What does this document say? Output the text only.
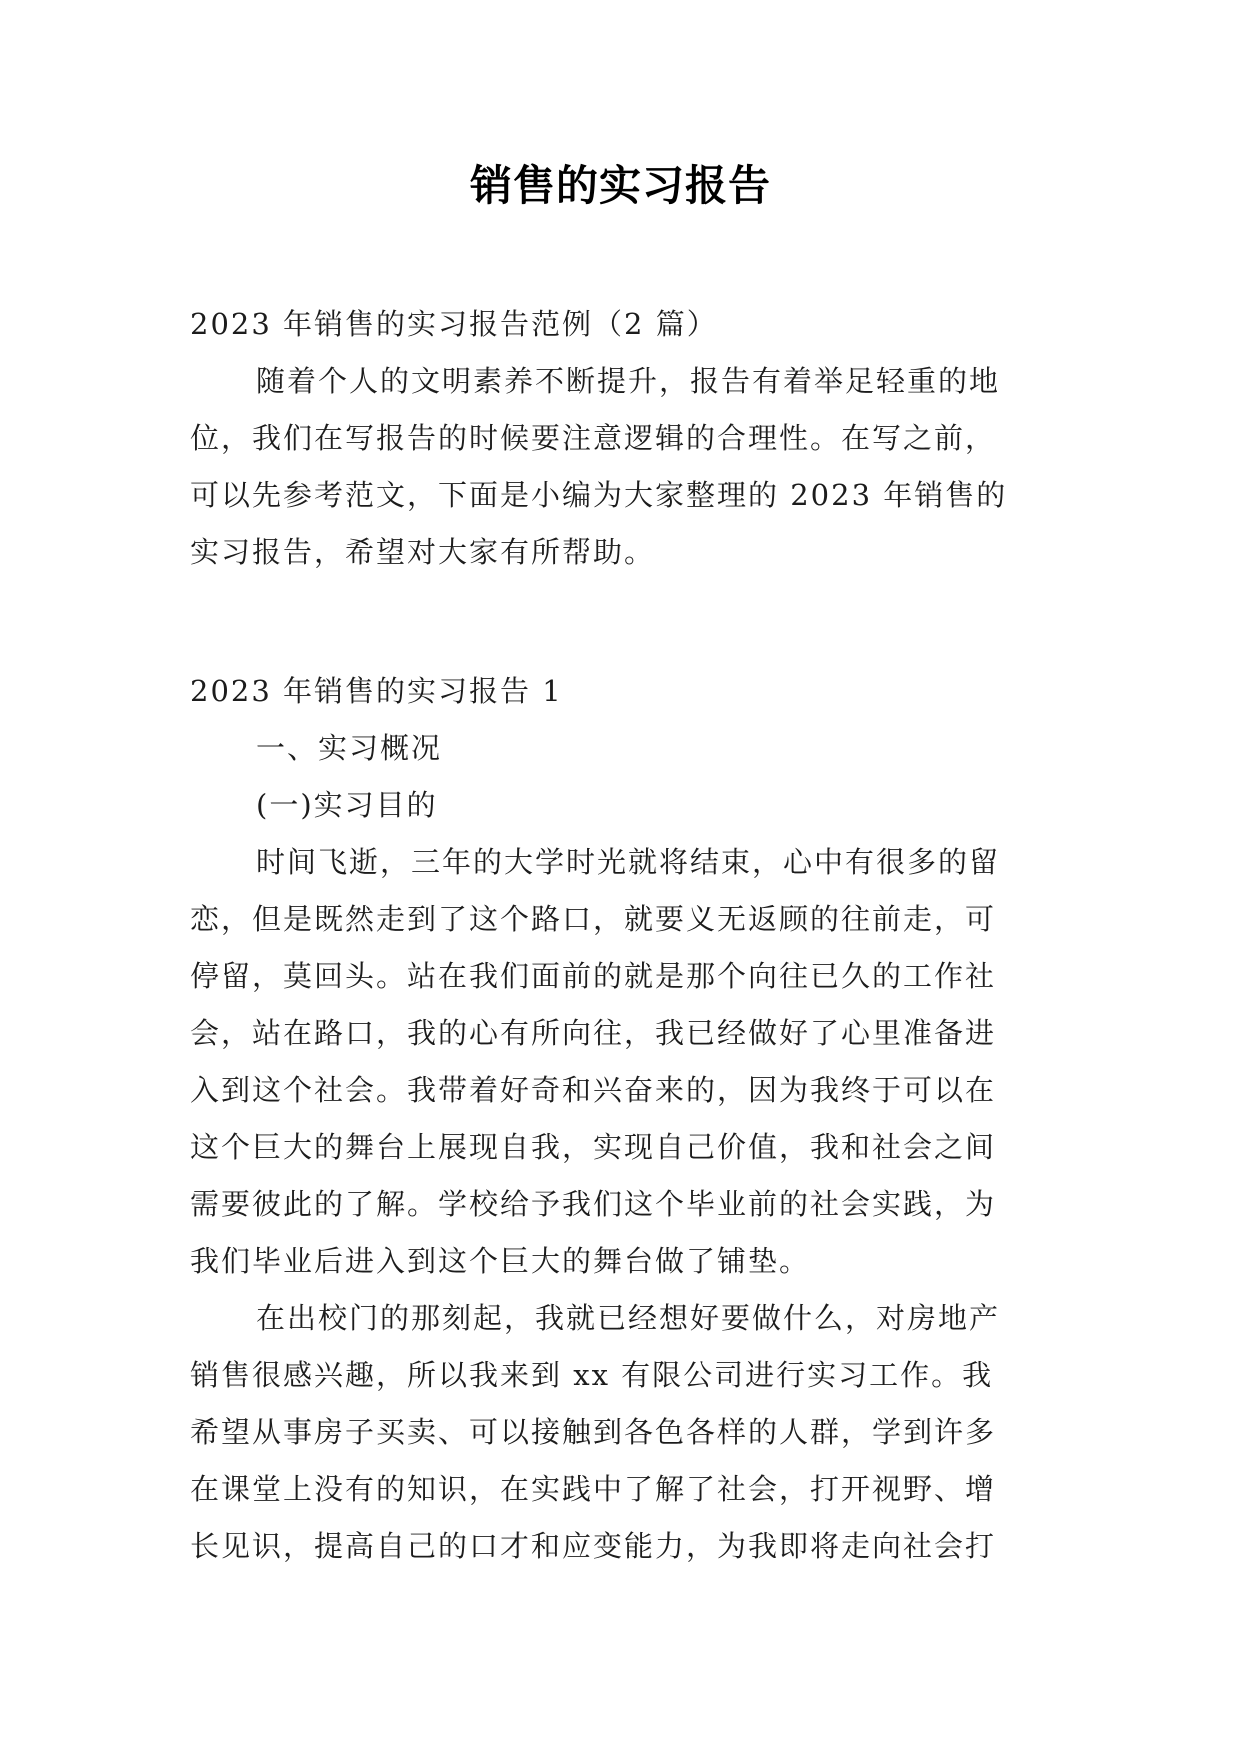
销售的实习报告
2023 年销售的实习报告范例（2 篇）
随着个人的文明素养不断提升，报告有着举足轻重的地
位，我们在写报告的时候要注意逻辑的合理性。在写之前，
可以先参考范文，下面是小编为大家整理的 2023 年销售的
实习报告，希望对大家有所帮助。
2023 年销售的实习报告 1
一、实习概况
(一)实习目的
时间飞逝，三年的大学时光就将结束，心中有很多的留
恋，但是既然走到了这个路口，就要义无返顾的往前走，可
停留，莫回头。站在我们面前的就是那个向往已久的工作社
会，站在路口，我的心有所向往，我已经做好了心里准备进
入到这个社会。我带着好奇和兴奋来的，因为我终于可以在
这个巨大的舞台上展现自我，实现自己价值，我和社会之间
需要彼此的了解。学校给予我们这个毕业前的社会实践，为
我们毕业后进入到这个巨大的舞台做了铺垫。
在出校门的那刻起，我就已经想好要做什么，对房地产
销售很感兴趣，所以我来到 xx 有限公司进行实习工作。我
希望从事房子买卖、可以接触到各色各样的人群，学到许多
在课堂上没有的知识，在实践中了解了社会，打开视野、增
长见识，提高自己的口才和应变能力，为我即将走向社会打
